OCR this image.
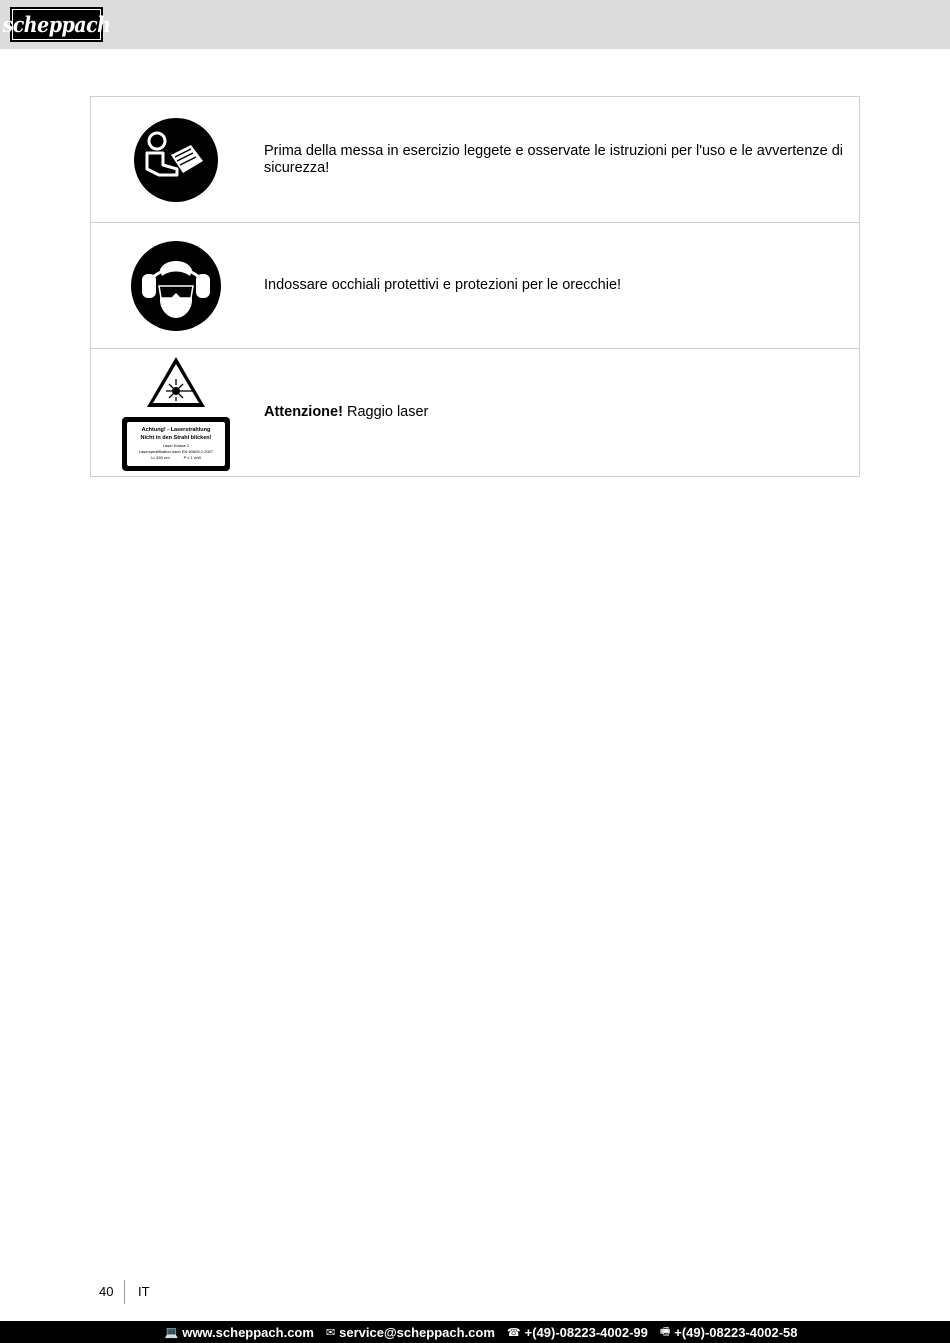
scheppach
Prima della messa in esercizio leggete e osservate le istruzioni per l'uso e le avvertenze di sicurezza!
Indossare occhiali protettivi e protezioni per le orecchie!
Achtung! - Laserstrahlung
Nicht in den Strahl blicken!
Laser Klasse 2
Laserspezifikation nach EN 60825-1:2007
λ= 650 nm	P ≤ 1 mW
Attenzione! Raggio laser
40 IT
💻 www.scheppach.com ✉ service@scheppach.com ☎ +(49)-08223-4002-99 🖷 +(49)-08223-4002-58
